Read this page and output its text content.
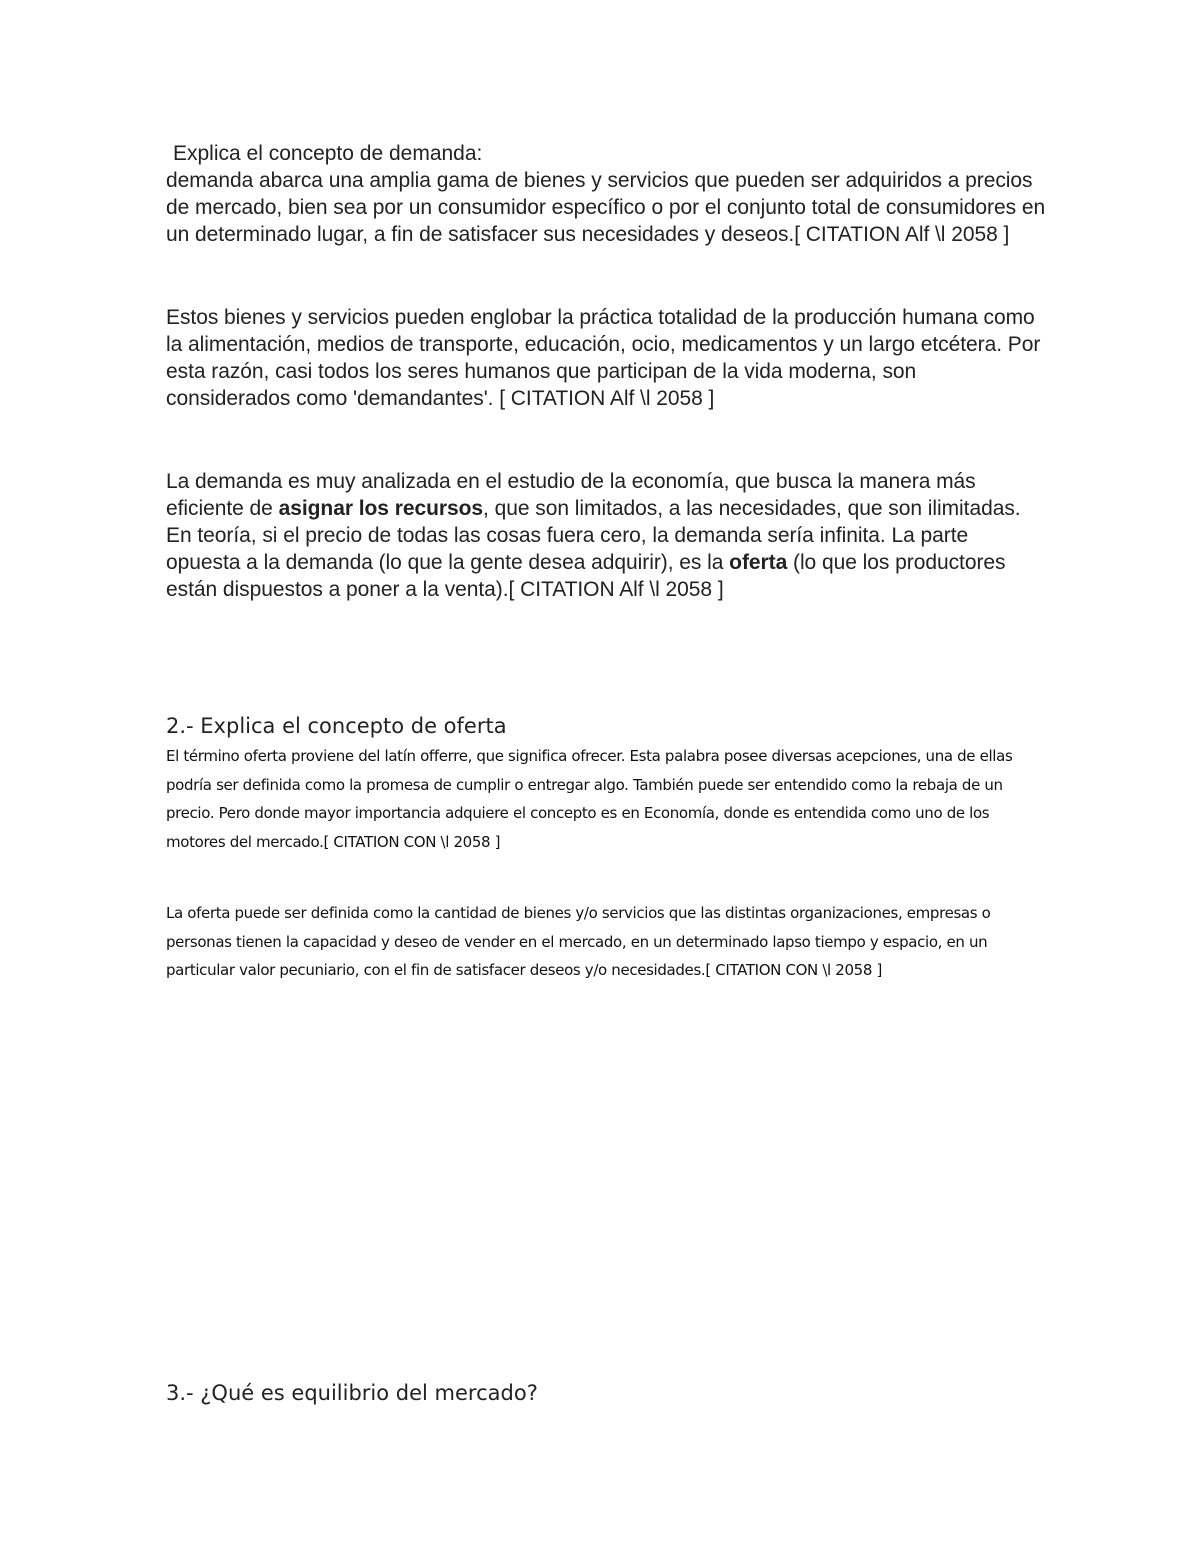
Explica el concepto de demanda:

demanda abarca una amplia gama de bienes y servicios que pueden ser adquiridos a precios de mercado, bien sea por un consumidor específico o por el conjunto total de consumidores en un determinado lugar, a fin de satisfacer sus necesidades y deseos.[ CITATION Alf \l 2058 ]

Estos bienes y servicios pueden englobar la práctica totalidad de la producción humana como la alimentación, medios de transporte, educación, ocio, medicamentos y un largo etcétera. Por esta razón, casi todos los seres humanos que participan de la vida moderna, son considerados como 'demandantes'. [ CITATION Alf \l 2058 ]

La demanda es muy analizada en el estudio de la economía, que busca la manera más eficiente de asignar los recursos, que son limitados, a las necesidades, que son ilimitadas. En teoría, si el precio de todas las cosas fuera cero, la demanda sería infinita. La parte opuesta a la demanda (lo que la gente desea adquirir), es la oferta (lo que los productores están dispuestos a poner a la venta).[ CITATION Alf \l 2058 ]

2.- Explica el concepto de oferta

El término oferta proviene del latín offerre, que significa ofrecer. Esta palabra posee diversas acepciones, una de ellas podría ser definida como la promesa de cumplir o entregar algo. También puede ser entendido como la rebaja de un precio. Pero donde mayor importancia adquiere el concepto es en Economía, donde es entendida como uno de los motores del mercado.[ CITATION CON \l 2058 ]

La oferta puede ser definida como la cantidad de bienes y/o servicios que las distintas organizaciones, empresas o personas tienen la capacidad y deseo de vender en el mercado, en un determinado lapso tiempo y espacio, en un particular valor pecuniario, con el fin de satisfacer deseos y/o necesidades.[ CITATION CON \l 2058 ]

3.- ¿Qué es equilibrio del mercado?
